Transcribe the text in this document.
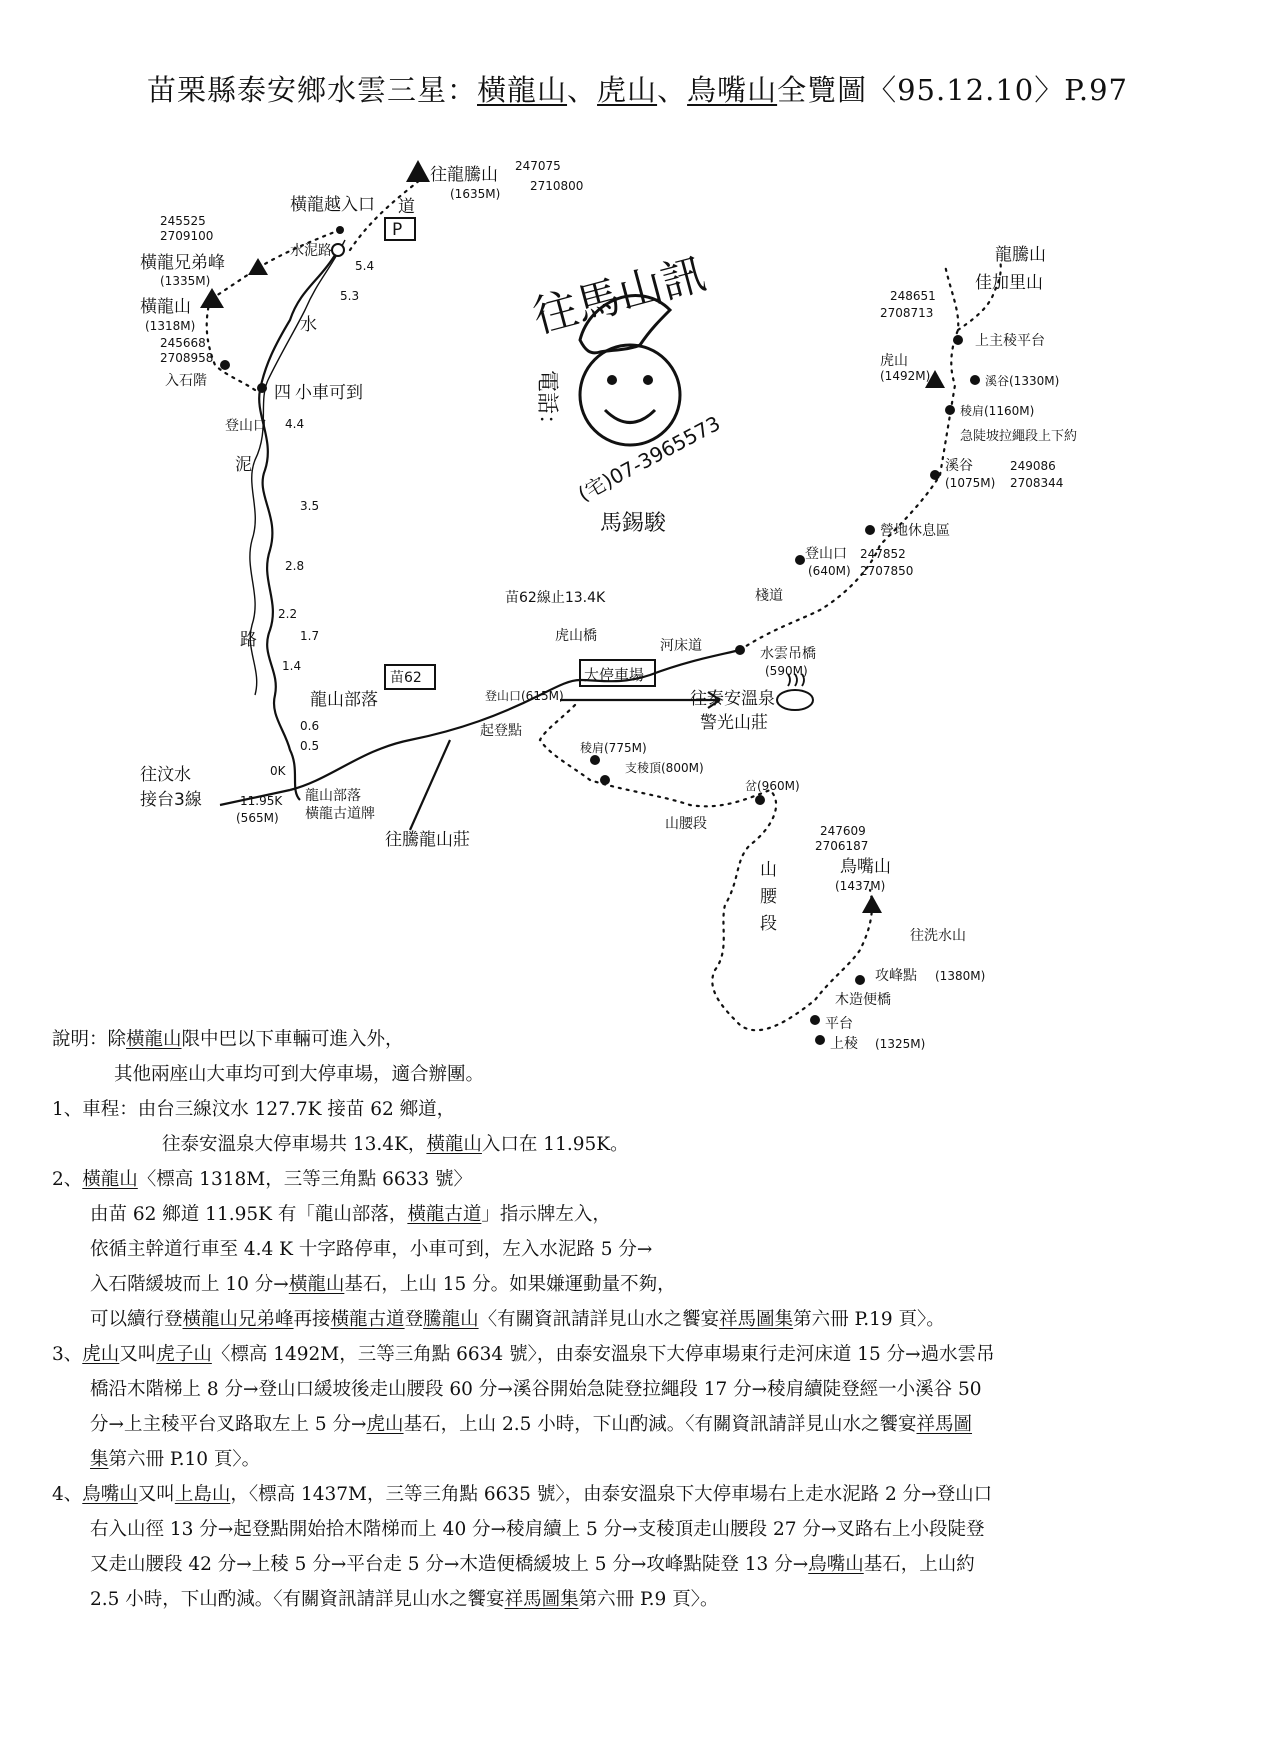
苗栗縣泰安鄉水雲三星：橫龍山、虎山、鳥嘴山全覽圖〈95.12.10〉P.97
往馬山訊
電話：
(宅)07-3965573
馬錫駿
往龍騰山 247075
(1635M)
2710800
橫龍越入口
P
道
245525
2709100
橫龍兄弟峰
(1335M)
橫龍山
(1318M)
245668
2708958
水泥路
5.4
5.3
水
四 小車可到
入石階
登山口 4.4
泥
3.5
2.8
2.2
路	1.7
1.4
龍山部落
0.6
0.5
0K
苗62
往汶水
接台3線	11.95K
(565M)
龍山部落
橫龍古道牌
往騰龍山莊
苗62線止13.4K
虎山橋
大停車場
河床道
往泰安溫泉
警光山莊
登山口(615M)
起登點
稜肩(775M)
支稜頂(800M)
岔(960M)
山腰段
山
腰
段
247609
2706187
鳥嘴山
(1437M)
往洗水山
攻峰點 (1380M)
木造便橋
平台
上稜 (1325M)
水雲吊橋
(590M)
棧道
登山口
(640M)
247852
2707850
營地休息區
溪谷
(1075M)
249086
2708344
急陡坡拉繩段上下約
稜肩(1160M)
溪谷(1330M)
上主稜平台
虎山
(1492M)
248651
2708713
龍騰山
佳加里山
說明：除橫龍山限中巴以下車輛可進入外，
其他兩座山大車均可到大停車場，適合辦團。
1、車程：由台三線汶水 127.7K 接苗 62 鄉道，
往泰安溫泉大停車場共 13.4K，橫龍山入口在 11.95K。
2、橫龍山〈標高 1318M，三等三角點 6633 號〉
由苗 62 鄉道 11.95K 有「龍山部落，橫龍古道」指示牌左入，
依循主幹道行車至 4.4 K 十字路停車，小車可到，左入水泥路 5 分→
入石階緩坡而上 10 分→橫龍山基石，上山 15 分。如果嫌運動量不夠，
可以續行登橫龍山兄弟峰再接橫龍古道登騰龍山〈有關資訊請詳見山水之饗宴祥馬圖集第六冊 P.19 頁〉。
3、虎山又叫虎子山〈標高 1492M，三等三角點 6634 號〉，由泰安溫泉下大停車場東行走河床道 15 分→過水雲吊
橋沿木階梯上 8 分→登山口緩坡後走山腰段 60 分→溪谷開始急陡登拉繩段 17 分→稜肩續陡登經一小溪谷 50
分→上主稜平台叉路取左上 5 分→虎山基石，上山 2.5 小時，下山酌減。〈有關資訊請詳見山水之饗宴祥馬圖
集第六冊 P.10 頁〉。
4、鳥嘴山又叫上島山，〈標高 1437M，三等三角點 6635 號〉，由泰安溫泉下大停車場右上走水泥路 2 分→登山口
右入山徑 13 分→起登點開始拾木階梯而上 40 分→稜肩續上 5 分→支稜頂走山腰段 27 分→叉路右上小段陡登
又走山腰段 42 分→上稜 5 分→平台走 5 分→木造便橋緩坡上 5 分→攻峰點陡登 13 分→鳥嘴山基石，上山約
2.5 小時，下山酌減。〈有關資訊請詳見山水之饗宴祥馬圖集第六冊 P.9 頁〉。
